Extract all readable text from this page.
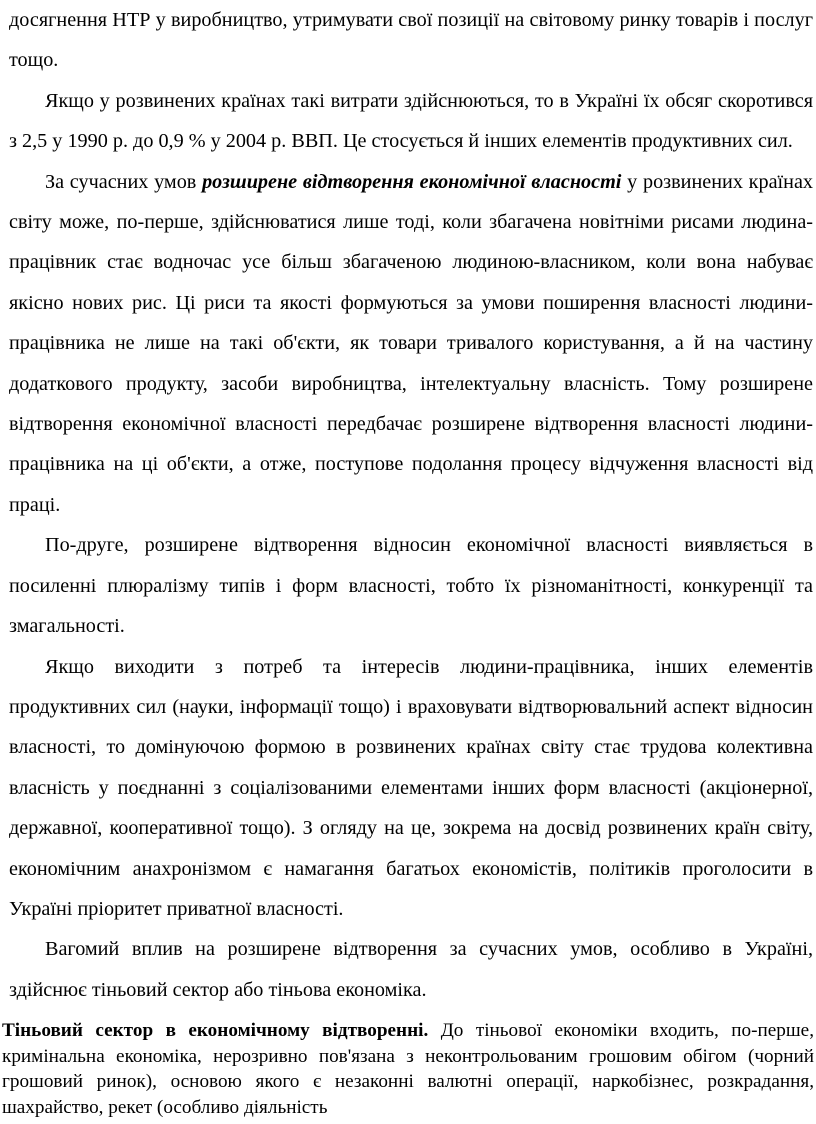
досягнення НТР у виробництво, утримувати свої позиції на світовому ринку товарів і послуг тощо.

Якщо у розвинених країнах такі витрати здійснюються, то в Україні їх обсяг скоротився з 2,5 у 1990 р. до 0,9 % у 2004 р. ВВП. Це стосується й інших елементів продуктивних сил.

За сучасних умов розширене відтворення економічної власності у розвинених країнах світу може, по-перше, здійснюватися лише тоді, коли збагачена новітніми рисами людина-працівник стає водночас усе більш збагаченою людиною-власником, коли вона набуває якісно нових рис. Ці риси та якості формуються за умови поширення власності людини-працівника не лише на такі об'єкти, як товари тривалого користування, а й на частину додаткового продукту, засоби виробництва, інтелектуальну власність. Тому розширене відтворення економічної власності передбачає розширене відтворення власності людини-працівника на ці об'єкти, а отже, поступове подолання процесу відчуження власності від праці.

По-друге, розширене відтворення відносин економічної власності виявляється в посиленні плюралізму типів і форм власності, тобто їх різноманітності, конкуренції та змагальності.

Якщо виходити з потреб та інтересів людини-працівника, інших елементів продуктивних сил (науки, інформації тощо) і враховувати відтворювальний аспект відносин власності, то домінуючою формою в розвинених країнах світу стає трудова колективна власність у поєднанні з соціалізованими елементами інших форм власності (акціонерної, державної, кооперативної тощо). З огляду на це, зокрема на досвід розвинених країн світу, економічним анахронізмом є намагання багатьох економістів, політиків проголосити в Україні пріоритет приватної власності.

Вагомий вплив на розширене відтворення за сучасних умов, особливо в Україні, здійснює тіньовий сектор або тіньова економіка.

Тіньовий сектор в економічному відтворенні. До тіньової економіки входить, по-перше, кримінальна економіка, нерозривно пов'язана з неконтрольованим грошовим обігом (чорний грошовий ринок), основою якого є незаконні валютні операції, наркобізнес, розкрадання, шахрайство, рекет (особливо діяльність
